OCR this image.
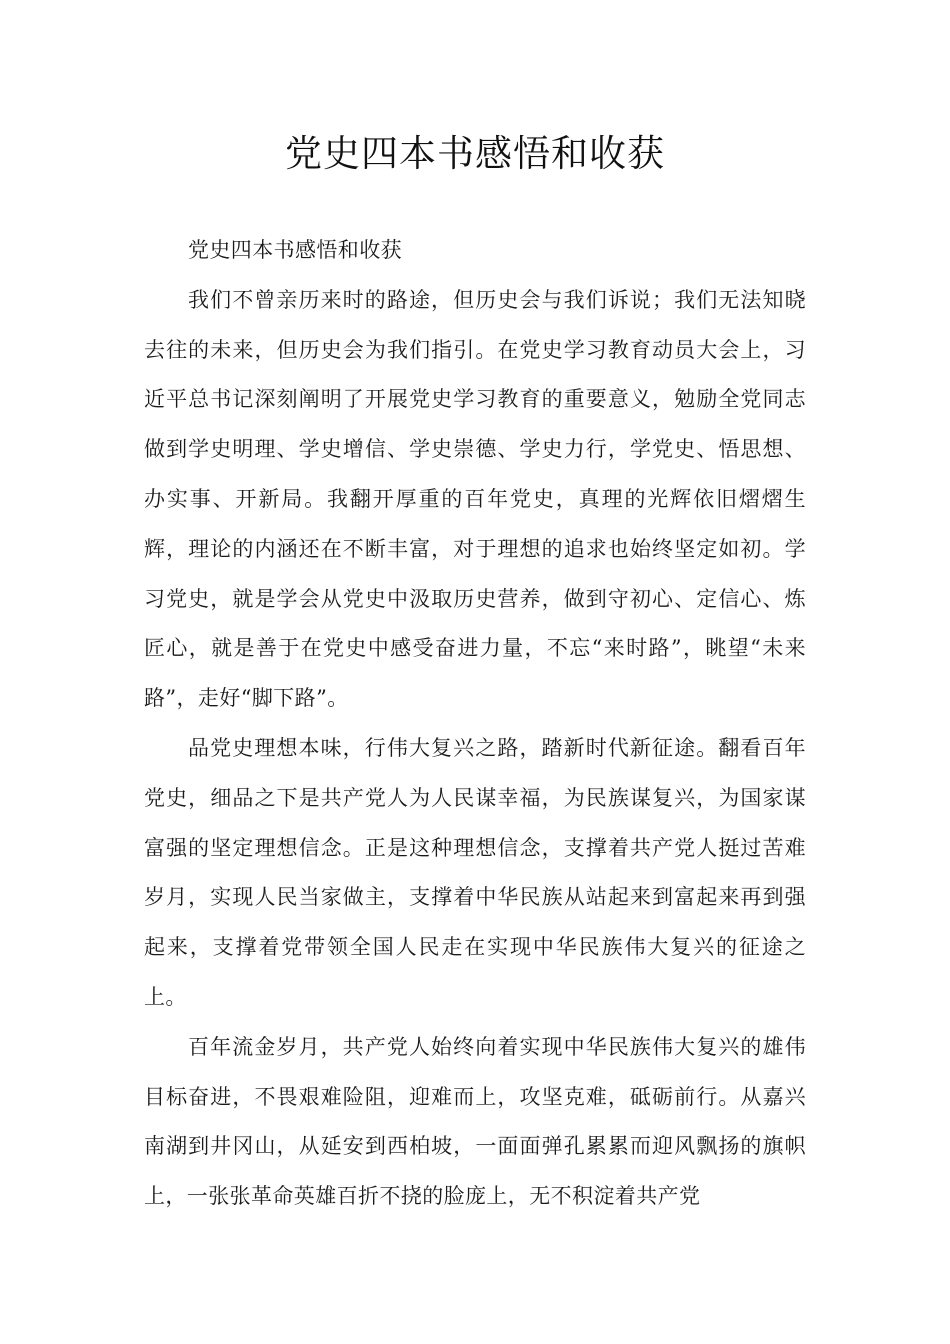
党史四本书感悟和收获

党史四本书感悟和收获

我们不曾亲历来时的路途，但历史会与我们诉说；我们无法知晓去往的未来，但历史会为我们指引。在党史学习教育动员大会上，习近平总书记深刻阐明了开展党史学习教育的重要意义，勉励全党同志做到学史明理、学史增信、学史崇德、学史力行，学党史、悟思想、办实事、开新局。我翻开厚重的百年党史，真理的光辉依旧熠熠生辉，理论的内涵还在不断丰富，对于理想的追求也始终坚定如初。学习党史，就是学会从党史中汲取历史营养，做到守初心、定信心、炼匠心，就是善于在党史中感受奋进力量，不忘“来时路”，眺望“未来路”，走好“脚下路”。

品党史理想本味，行伟大复兴之路，踏新时代新征途。翻看百年党史，细品之下是共产党人为人民谋幸福，为民族谋复兴，为国家谋富强的坚定理想信念。正是这种理想信念，支撑着共产党人挺过苦难岁月，实现人民当家做主，支撑着中华民族从站起来到富起来再到强起来，支撑着党带领全国人民走在实现中华民族伟大复兴的征途之上。

百年流金岁月，共产党人始终向着实现中华民族伟大复兴的雄伟目标奋进，不畏艰难险阻，迎难而上，攻坚克难，砥砺前行。从嘉兴南湖到井冈山，从延安到西柏坡，一面面弹孔累累而迎风飘扬的旗帜上，一张张革命英雄百折不挠的脸庞上，无不积淀着共产党
